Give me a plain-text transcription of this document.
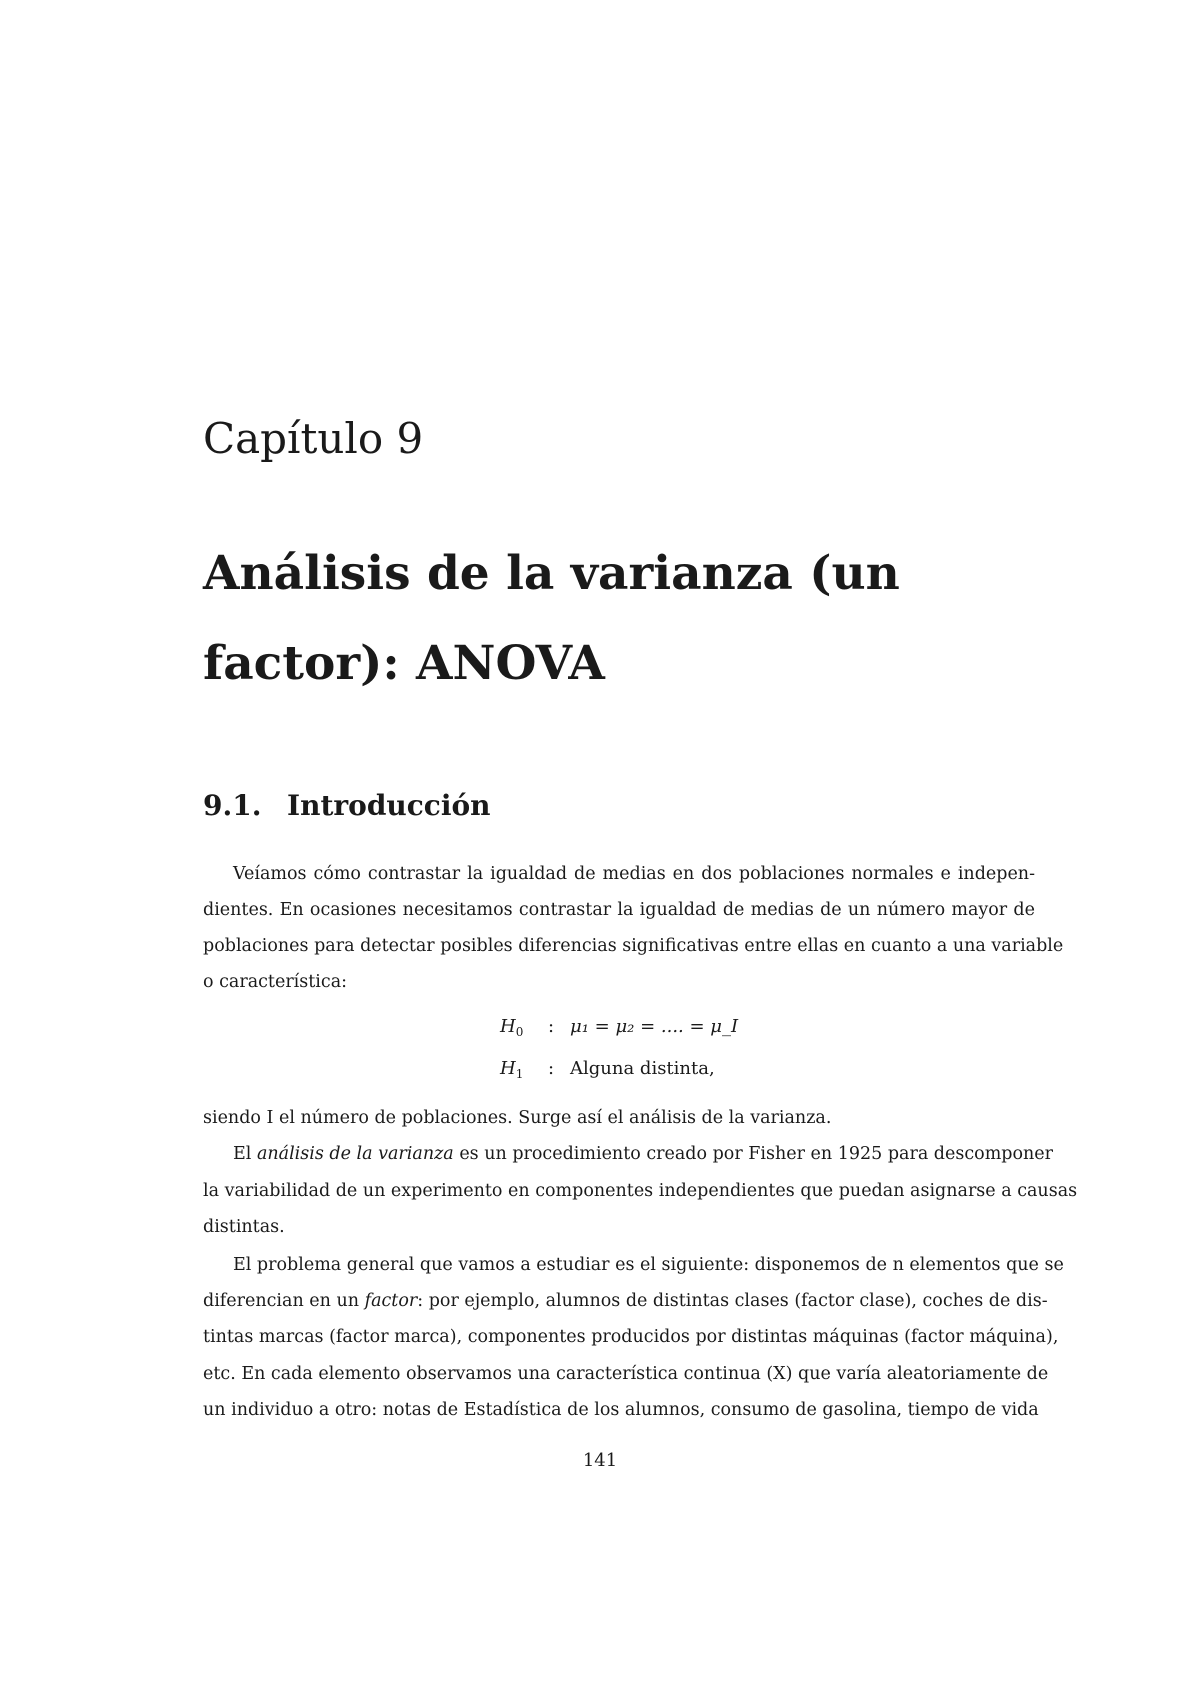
Capítulo 9
Análisis de la varianza (un
factor): ANOVA
9.1. Introducción

Veíamos cómo contrastar la igualdad de medias en dos poblaciones normales e indepen-

dientes. En ocasiones necesitamos contrastar la igualdad de medias de un número mayor de

poblaciones para detectar posibles diferencias significativas entre ellas en cuanto a una variable

o característica:

$H_0$	: μ₁ = μ₂ = .... = μ_I

$H_1$	: Alguna distinta,

siendo I el número de poblaciones. Surge así el análisis de la varianza.

El análisis de la varianza es un procedimiento creado por Fisher en 1925 para descomponer

la variabilidad de un experimento en componentes independientes que puedan asignarse a causas

distintas.

El problema general que vamos a estudiar es el siguiente: disponemos de n elementos que se

diferencian en un factor: por ejemplo, alumnos de distintas clases (factor clase), coches de dis-

tintas marcas (factor marca), componentes producidos por distintas máquinas (factor máquina),

etc. En cada elemento observamos una característica continua (X) que varía aleatoriamente de

un individuo a otro: notas de Estadística de los alumnos, consumo de gasolina, tiempo de vida

141
